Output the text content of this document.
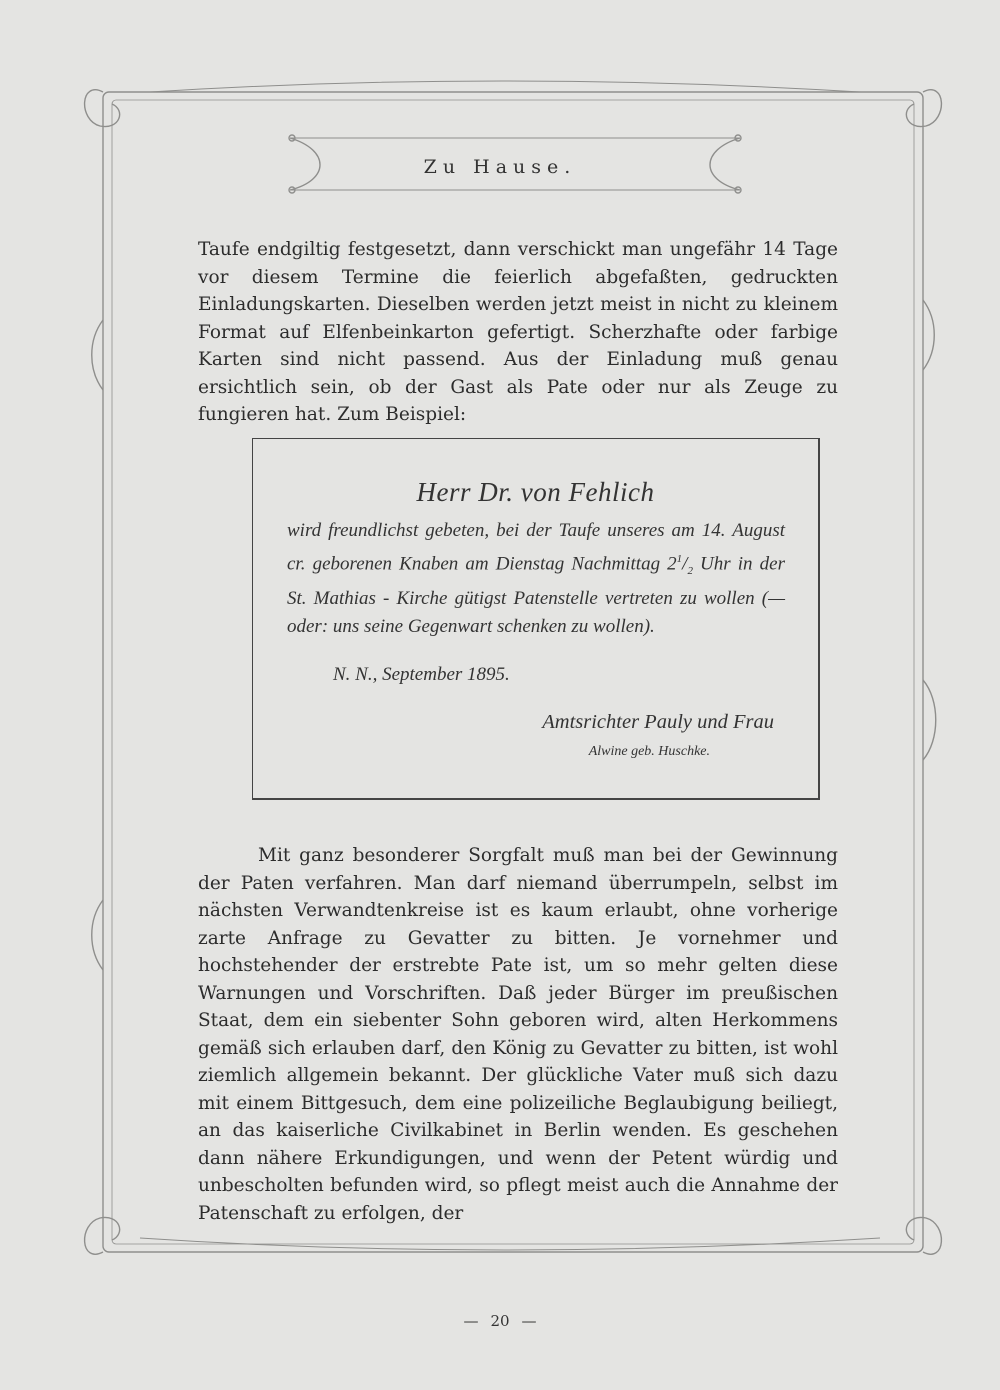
Zu Hause.

Taufe endgiltig festgesetzt, dann verschickt man ungefähr 14 Tage vor diesem Termine die feierlich abgefaßten, gedruckten Einladungskarten. Dieselben werden jetzt meist in nicht zu kleinem Format auf Elfenbeinkarton gefertigt. Scherzhafte oder farbige Karten sind nicht passend. Aus der Einladung muß genau ersichtlich sein, ob der Gast als Pate oder nur als Zeuge zu fungieren hat. Zum Beispiel:

Herr Dr. von Fehlich
wird freundlichst gebeten, bei der Taufe unseres am 14. August cr. geborenen Knaben am Dienstag Nachmittag $2^1/_2$ Uhr in der St. Mathias - Kirche gütigst Patenstelle vertreten zu wollen (— oder: uns seine Gegenwart schenken zu wollen).
N. N., September 1895.
Amtsrichter Pauly und Frau
Alwine geb. Huschke.

Mit ganz besonderer Sorgfalt muß man bei der Gewinnung der Paten verfahren. Man darf niemand überrumpeln, selbst im nächsten Verwandtenkreise ist es kaum erlaubt, ohne vorherige zarte Anfrage zu Gevatter zu bitten. Je vornehmer und hochstehender der erstrebte Pate ist, um so mehr gelten diese Warnungen und Vorschriften. Daß jeder Bürger im preußischen Staat, dem ein siebenter Sohn geboren wird, alten Herkommens gemäß sich erlauben darf, den König zu Gevatter zu bitten, ist wohl ziemlich allgemein bekannt. Der glückliche Vater muß sich dazu mit einem Bittgesuch, dem eine polizeiliche Beglaubigung beiliegt, an das kaiserliche Civilkabinet in Berlin wenden. Es geschehen dann nähere Erkundigungen, und wenn der Petent würdig und unbescholten befunden wird, so pflegt meist auch die Annahme der Patenschaft zu erfolgen, der

— 20 —
